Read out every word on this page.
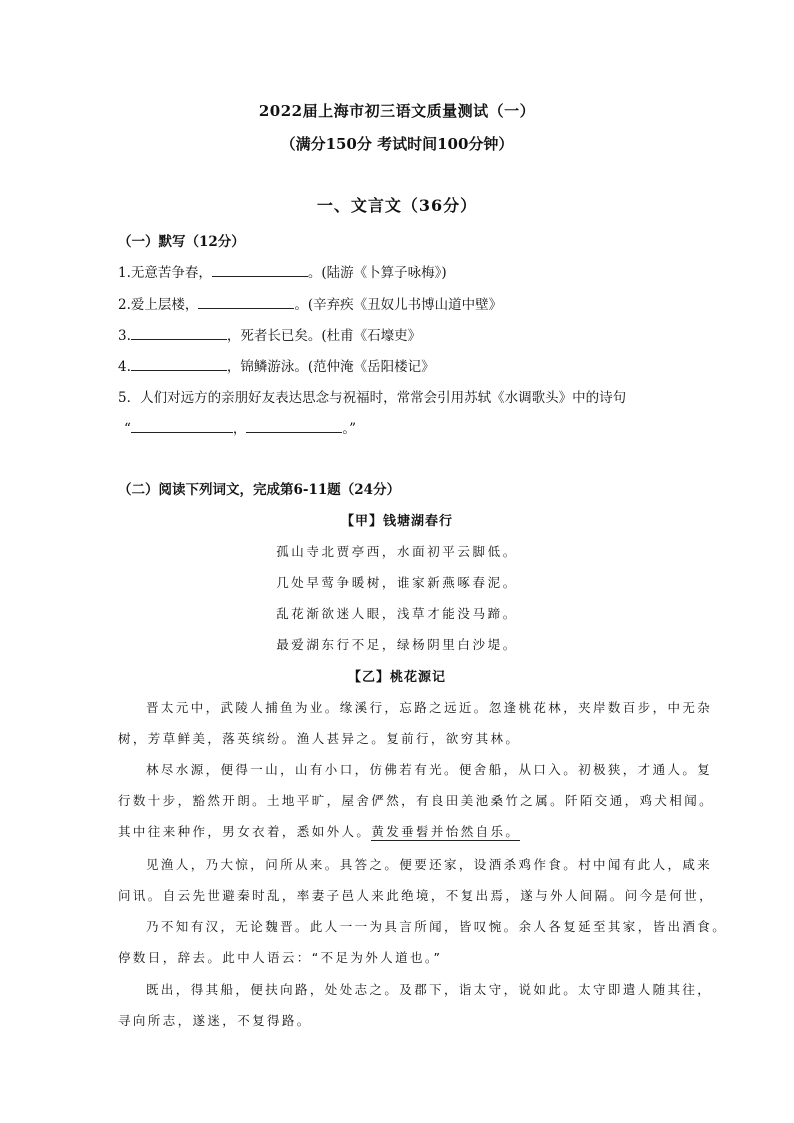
2022届上海市初三语文质量测试（一）
（满分150分 考试时间100分钟）
一、文言文（36分）
（一）默写（12分）
1.无意苦争春，	。(陆游《卜算子咏梅》)
2.爱上层楼，	。(辛弃疾《丑奴儿书博山道中壁》
3.	，死者长已矣。(杜甫《石壕吏》
4.	，锦鳞游泳。(范仲淹《岳阳楼记》
5．人们对远方的亲朋好友表达思念与祝福时，常常会引用苏轼《水调歌头》中的诗句
“	，	。”
（二）阅读下列词文，完成第6-11题（24分）
【甲】钱塘湖春行
孤山寺北贾亭西，水面初平云脚低。
几处早莺争暖树，谁家新燕啄春泥。
乱花渐欲迷人眼，浅草才能没马蹄。
最爱湖东行不足，绿杨阴里白沙堤。
【乙】桃花源记
晋太元中，武陵人捕鱼为业。缘溪行，忘路之远近。忽逢桃花林，夹岸数百步，中无杂
树，芳草鲜美，落英缤纷。渔人甚异之。复前行，欲穷其林。
林尽水源，便得一山，山有小口，仿佛若有光。便舍船，从口入。初极狭，才通人。复
行数十步，豁然开朗。土地平旷，屋舍俨然，有良田美池桑竹之属。阡陌交通，鸡犬相闻。
其中往来种作，男女衣着，悉如外人。黄发垂髫并怡然自乐。
见渔人，乃大惊，问所从来。具答之。便要还家，设酒杀鸡作食。村中闻有此人，咸来
问讯。自云先世避秦时乱，率妻子邑人来此绝境，不复出焉，遂与外人间隔。问今是何世，
乃不知有汉，无论魏晋。此人一一为具言所闻，皆叹惋。余人各复延至其家，皆出酒食。
停数日，辞去。此中人语云：“不足为外人道也。”
既出，得其船，便扶向路，处处志之。及郡下，诣太守，说如此。太守即遣人随其往，
寻向所志，遂迷，不复得路。
